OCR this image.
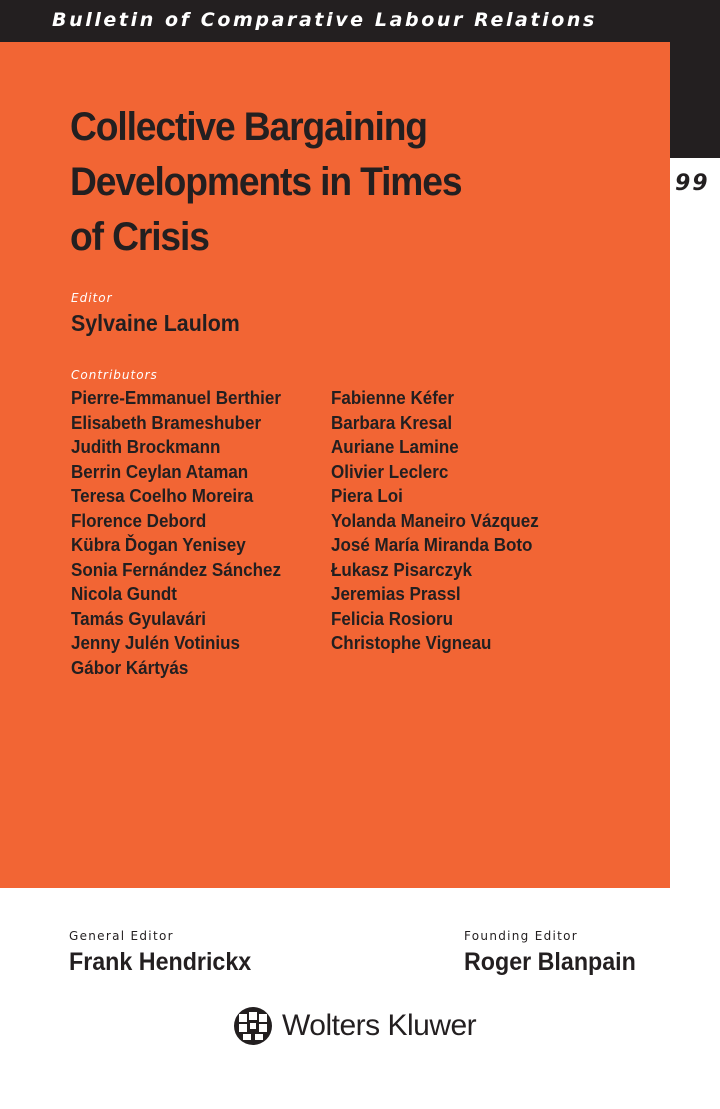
Bulletin of Comparative Labour Relations
99
Collective Bargaining
Developments in Times
of Crisis
Editor
Sylvaine Laulom
Contributors
Pierre-Emmanuel Berthier
Elisabeth Brameshuber
Judith Brockmann
Berrin Ceylan Ataman
Teresa Coelho Moreira
Florence Debord
Kübra Ďogan Yenisey
Sonia Fernández Sánchez
Nicola Gundt
Tamás Gyulavári
Jenny Julén Votinius
Gábor Kártyás
Fabienne Kéfer
Barbara Kresal
Auriane Lamine
Olivier Leclerc
Piera Loi
Yolanda Maneiro Vázquez
José María Miranda Boto
Łukasz Pisarczyk
Jeremias Prassl
Felicia Rosioru
Christophe Vigneau
General Editor
Frank Hendrickx
Founding Editor
Roger Blanpain
Wolters Kluwer
